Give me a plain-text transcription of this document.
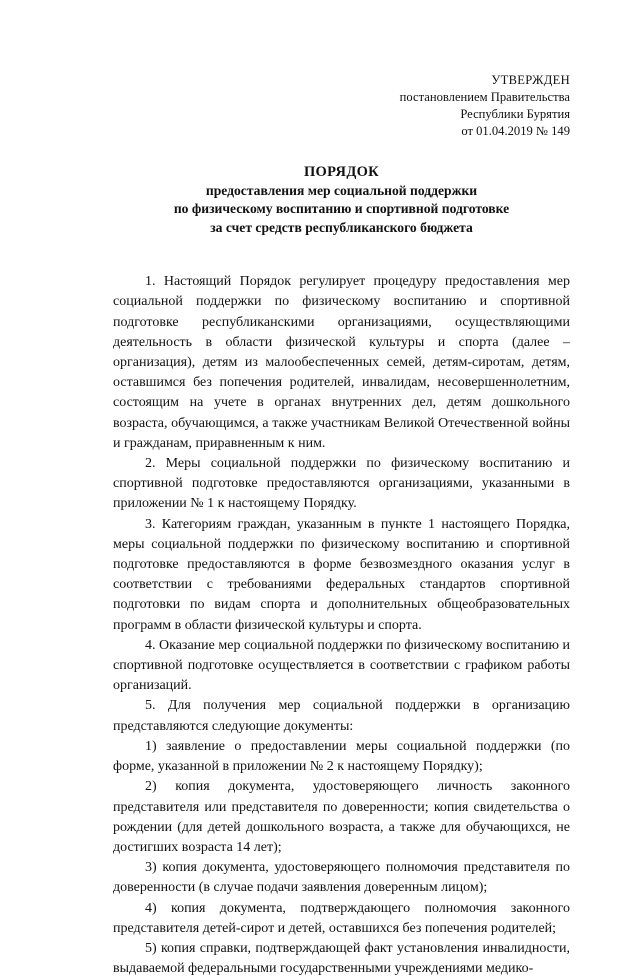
УТВЕРЖДЕН
постановлением Правительства
Республики Бурятия
от 01.04.2019 № 149
ПОРЯДОК
предоставления мер социальной поддержки
по физическому воспитанию и спортивной подготовке
за счет средств республиканского бюджета

1. Настоящий Порядок регулирует процедуру предоставления мер социальной поддержки по физическому воспитанию и спортивной подготовке республиканскими организациями, осуществляющими деятельность в области физической культуры и спорта (далее – организация), детям из малообеспеченных семей, детям-сиротам, детям, оставшимся без попечения родителей, инвалидам, несовершеннолетним, состоящим на учете в органах внутренних дел, детям дошкольного возраста, обучающимся, а также участникам Великой Отечественной войны и гражданам, приравненным к ним.

2. Меры социальной поддержки по физическому воспитанию и спортивной подготовке предоставляются организациями, указанными в приложении № 1 к настоящему Порядку.

3. Категориям граждан, указанным в пункте 1 настоящего Порядка, меры социальной поддержки по физическому воспитанию и спортивной подготовке предоставляются в форме безвозмездного оказания услуг в соответствии с требованиями федеральных стандартов спортивной подготовки по видам спорта и дополнительных общеобразовательных программ в области физической культуры и спорта.

4. Оказание мер социальной поддержки по физическому воспитанию и спортивной подготовке осуществляется в соответствии с графиком работы организаций.

5. Для получения мер социальной поддержки в организацию представляются следующие документы:

1) заявление о предоставлении меры социальной поддержки (по форме, указанной в приложении № 2 к настоящему Порядку);

2) копия документа, удостоверяющего личность законного представителя или представителя по доверенности; копия свидетельства о рождении (для детей дошкольного возраста, а также для обучающихся, не достигших возраста 14 лет);

3) копия документа, удостоверяющего полномочия представителя по доверенности (в случае подачи заявления доверенным лицом);

4) копия документа, подтверждающего полномочия законного представителя детей-сирот и детей, оставшихся без попечения родителей;

5) копия справки, подтверждающей факт установления инвалидности, выдаваемой федеральными государственными учреждениями медико-
